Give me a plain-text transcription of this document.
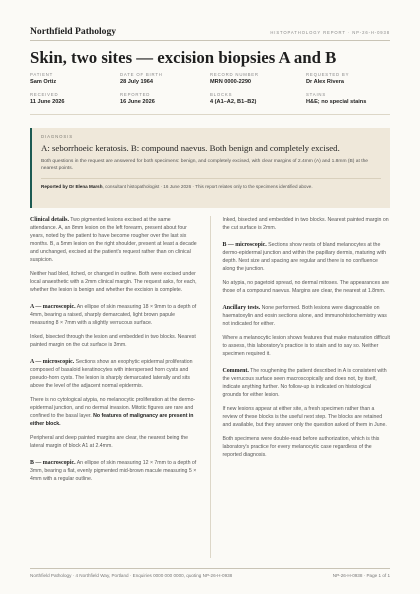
Northfield Pathology	HISTOPATHOLOGY REPORT · NP-26-H-0938
Skin, two sites — excision biopsies A and B
PATIENT
Sam Ortiz
DATE OF BIRTH
28 July 1964
RECORD NUMBER
MRN 0000-2290
REQUESTED BY
Dr Alex Rivera
RECEIVED
11 June 2026
REPORTED
16 June 2026
BLOCKS
4 (A1–A2, B1–B2)
STAINS
H&E; no special stains
DIAGNOSIS
A: seborrhoeic keratosis. B: compound naevus. Both benign and completely excised.
Both questions in the request are answered for both specimens: benign, and completely excised, with clear margins of 2.4mm (A) and 1.8mm (B) at the nearest points.
Reported by Dr Elena Marsh, consultant histopathologist · 16 June 2026 · This report relates only to the specimens identified above.

Clinical details. Two pigmented lesions excised at the same attendance. A, an 8mm lesion on the left forearm, present about four years, noted by the patient to have become rougher over the last six months. B, a 5mm lesion on the right shoulder, present at least a decade and unchanged, excised at the patient's request rather than on clinical suspicion.

Neither had bled, itched, or changed in outline. Both were excised under local anaesthetic with a 2mm clinical margin. The request asks, for each, whether the lesion is benign and whether the excision is complete.

A — macroscopic. An ellipse of skin measuring 18 × 9mm to a depth of 4mm, bearing a raised, sharply demarcated, light brown papule measuring 8 × 7mm with a slightly verrucous surface.

Inked, bisected through the lesion and embedded in two blocks. Nearest painted margin on the cut surface is 3mm.

A — microscopic. Sections show an exophytic epidermal proliferation composed of basaloid keratinocytes with interspersed horn cysts and pseudo-horn cysts. The lesion is sharply demarcated laterally and sits above the level of the adjacent normal epidermis.

There is no cytological atypia, no melanocytic proliferation at the dermo-epidermal junction, and no dermal invasion. Mitotic figures are rare and confined to the basal layer. No features of malignancy are present in either block.

Peripheral and deep painted margins are clear, the nearest being the lateral margin of block A1 at 2.4mm.

B — macroscopic. An ellipse of skin measuring 12 × 7mm to a depth of 3mm, bearing a flat, evenly pigmented mid-brown macule measuring 5 × 4mm with a regular outline.

Inked, bisected and embedded in two blocks. Nearest painted margin on the cut surface is 2mm.

B — microscopic. Sections show nests of bland melanocytes at the dermo-epidermal junction and within the papillary dermis, maturing with depth. Nest size and spacing are regular and there is no confluence along the junction.

No atypia, no pagetoid spread, no dermal mitoses. The appearances are those of a compound naevus. Margins are clear, the nearest at 1.8mm.

Ancillary tests. None performed. Both lesions were diagnosable on haematoxylin and eosin sections alone, and immunohistochemistry was not indicated for either.

Where a melanocytic lesion shows features that make maturation difficult to assess, this laboratory's practice is to stain and to say so. Neither specimen required it.

Comment. The roughening the patient described in A is consistent with the verrucous surface seen macroscopically and does not, by itself, indicate anything further. No follow-up is indicated on histological grounds for either lesion.

If new lesions appear at either site, a fresh specimen rather than a review of these blocks is the useful next step. The blocks are retained and available, but they answer only the question asked of them in June.

Both specimens were double-read before authorization, which is this laboratory's practice for every melanocytic case regardless of the reported diagnosis.

Northfield Pathology · 4 Northfield Way, Portland · Enquiries 0000 000 0000, quoting NP-26-H-0938	NP-26-H-0938 · Page 1 of 1
